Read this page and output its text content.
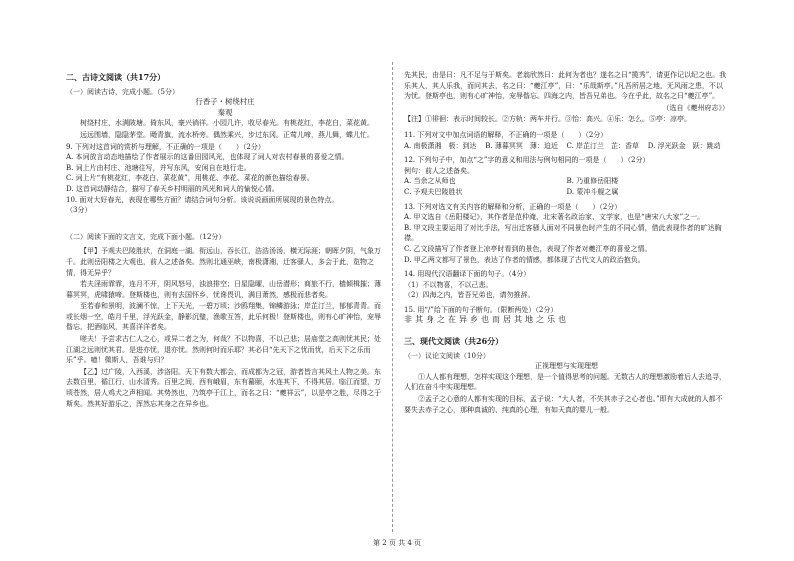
二、古诗文阅读（共17分）
（一）阅读古诗，完成小题。（5分）
行香子・树绕村庄
秦观
树绕村庄，水满陂塘。倚东风，豪兴徜徉。小园几许，收尽春光。有桃花红，李花白，菜花黄。
远远围墙，隐隐茅堂。飏青旗，流水桥旁。偶然乘兴，步过东冈。正莺儿啼，燕儿舞，蝶儿忙。
9. 下列对这首词的赏析与理解，不正确的一项是（　　）（2分）
A. 本词放言动态地描绘了作者展示的这番田园风光，也体现了词人对农村春景的喜爱之情。
B. 词上片由村庄、池塘往写，并写东风，安闲自在地行走。
C. 词上片“有桃花红，李花白，菜花黄”，用桃花、李花、菜花的颜色描绘春景。
D. 这首词动静结合，描写了春天乡村明丽的风光和词人的愉悦心情。
10. 面对大好春光，表现在哪些方面？请结合词句分析。该说说画面所展现的景色特点。
（3分）
（二）阅读下面的文言文，完成下面小题。（12分）
【甲】予观夫巴陵胜状，在洞庭一湖。衔远山，吞长江，浩浩汤汤，横无际涯；朝晖夕阴，气象万千。此则岳阳楼之大观也，前人之述备矣。然则北通巫峡，南极潇湘，迁客骚人，多会于此，览物之情，得无异乎？
若夫淫雨霏霏，连月不开，阴风怒号，浊浪排空；日星隐曜，山岳潜形；商旅不行，樯倾楫摧；薄暮冥冥，虎啸猿啼。登斯楼也，则有去国怀乡，忧谗畏讥，满目萧然，感极而悲者矣。
至若春和景明，波澜不惊，上下天光，一碧万顷；沙鸥翔集，锦鳞游泳；岸芷汀兰，郁郁青青。而或长烟一空，皓月千里，浮光跃金，静影沉璧，渔歌互答，此乐何极！登斯楼也，则有心旷神怡，宠辱偕忘，把酒临风，其喜洋洋者矣。
嗟夫！予尝求古仁人之心，或异二者之为，何哉？不以物喜，不以己悲；居庙堂之高则忧其民；处江湖之远则忧其君。是进亦忧，退亦忧。然则何时而乐耶？其必曰“先天下之忧而忧，后天下之乐而乐”乎。噫！微斯人，吾谁与归？
【乙】过广陵，入西溪，涉洛阳。天下有数大都会，而成都为之冠，游者皆言其风土人物之美。东去数百里，循江行，山水清秀。百里之间，西有峨眉，东有蟇颐，水连其下，不得其居。临江而望，万顷苍然，居人鸡犬之声相闻。其势然也，乃筑亭于江上，而名之曰：“夔祥云”，以是亭之胜，尽得之于斯矣。然其好游乐之，浑然忘其身之在异乡也。
先其民，由是曰：凡不足与于斯矣。老翁欣然曰：此何为者也？遂名之曰“揽秀”，请更作记以纪之也。我乐其人，其人乐我，而问其去，名之曰：“夔江亭”，曰：“乐哉斯亭。”凡吾所居之地，无风雨之患，不以为忧。登斯亭也，则有心旷神怡，宠辱偕忘。四海之内，皆吾兄弟也。今在乎此，故名之曰“夔江亭”。
（选自《夔州府志》）
【注】①徘徊：表示时间较长。②方轨：两车并行。③怡：高兴。④乐：怎么。⑤亭：凉亭。
11. 下列对文中加点词语的解释，不正确的一项是（　　）（2分）
A. 南极潇湘　极：到达	B. 薄暮冥冥　薄：迫近	C. 岸芷汀兰　芷：香草	D. 浮光跃金　跃：跳动
12. 下列句子中，加点“之”字的意义和用法与例句相同的一项是（　　）（2分）
例句：前人之述备矣。
A. 当余之从师也	B. 乃重修岳阳楼
C. 予观夫巴陵胜状	D. 蒙冲斗舰之属
13. 下列对选文有关内容的解释和分析，正确的一项是（　　）（2分）
A. 甲文选自《岳阳楼记》，其作者是范仲淹，北宋著名政治家、文学家，也是“唐宋八大家”之一。
B. 甲文段主要运用了对比手法，写出迁客骚人面对不同景色时产生的不同心情，借此表现作者的旷达胸襟。
C. 乙文段描写了作者登上凉亭时看到的景色，表现了作者对夔江亭的喜爱之情。
D. 甲乙两文都写了景色，表达了作者的情感，都体现了古代文人的政治抱负。
14. 用现代汉语翻译下面的句子。（4分）
（1）不以物喜，不以己悲。
（2）四海之内，皆吾兄弟也，请勿推辞。
15. 用“/”给下面的句子断句。（限断两处）（2分）
非其身之在异乡也而居其地之乐也
三、现代文阅读（共26分）
（一）议论文阅读（10分）
正视理想与实现理想
①人人都有理想，怎样实现这个理想，是一个值得思考的问题。无数古人的理想激励着后人去追寻，人们在奋斗中实现理想。
②孟子之心意的人都有实现的目标，孟子说：“大人者，不失其赤子之心者也。”即有大成就的人都不要失去赤子之心，那种真诚的、纯真的心理，有如天真的婴儿一般。
第 2 页 共 4 页
